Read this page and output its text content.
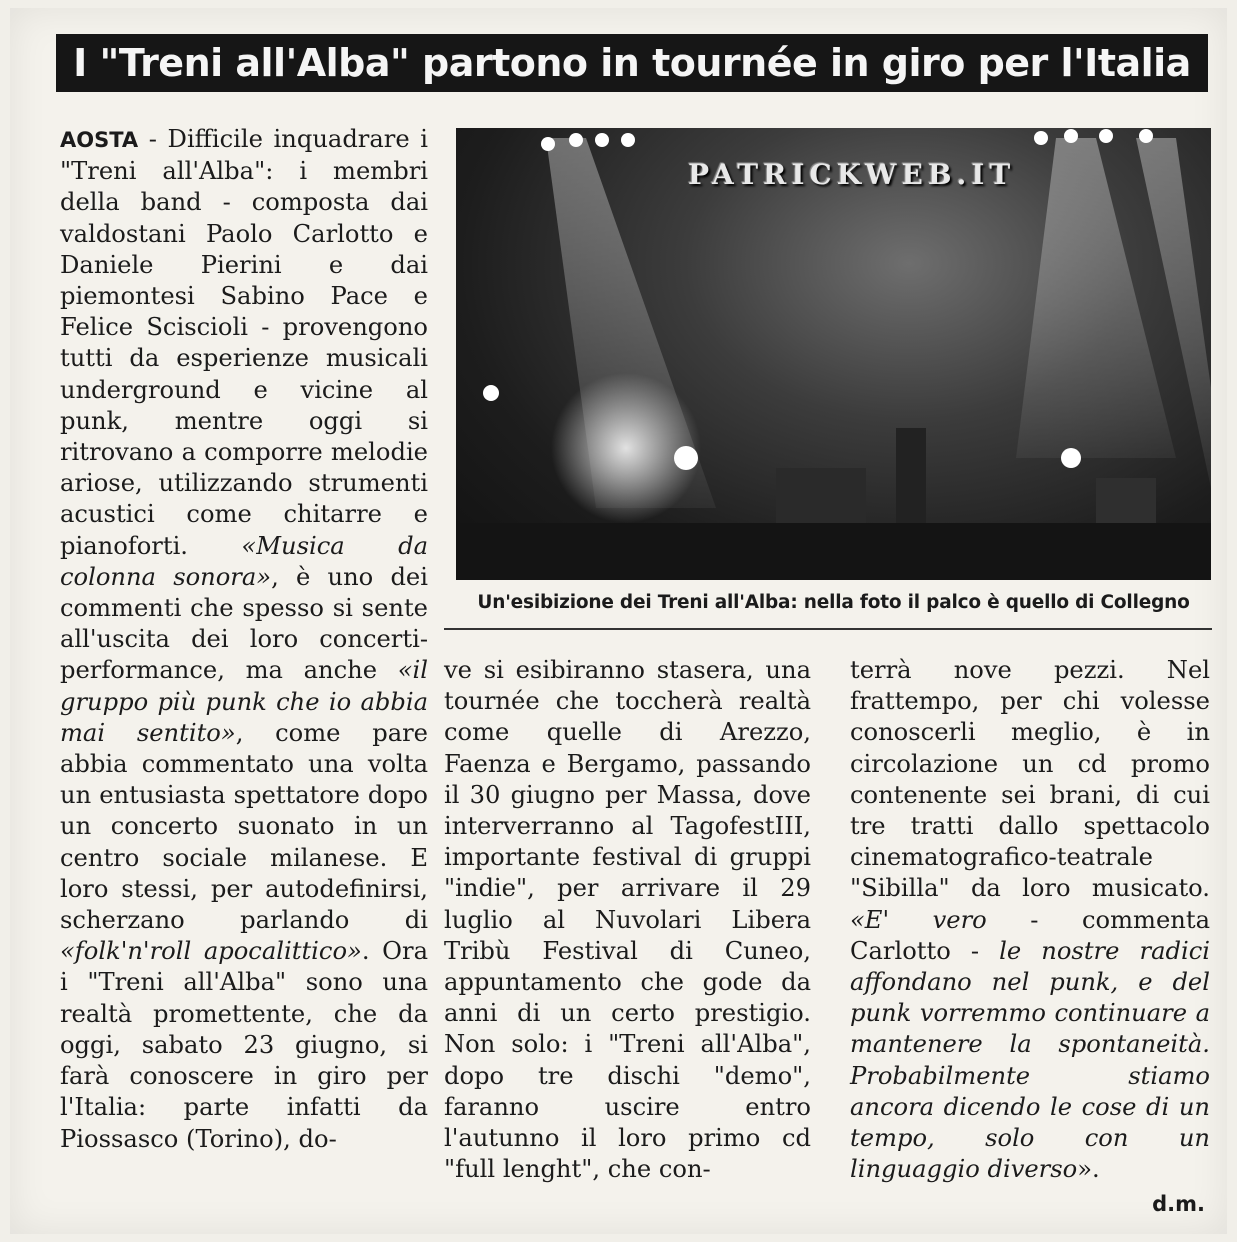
I "Treni all'Alba" partono in tournée in giro per l'Italia

AOSTA - Difficile inquadrare i "Treni all'Alba": i membri della band - composta dai valdostani Paolo Carlotto e Daniele Pierini e dai piemontesi Sabino Pace e Felice Sciscioli - provengono tutti da esperienze musicali underground e vicine al punk, mentre oggi si ritrovano a comporre melodie ariose, utilizzando strumenti acustici come chitarre e pianoforti. «Musica da colonna sonora», è uno dei commenti che spesso si sente all'uscita dei loro concerti-performance, ma anche «il gruppo più punk che io abbia mai sentito», come pare abbia commentato una volta un entusiasta spettatore dopo un concerto suonato in un centro sociale milanese. E loro stessi, per autodefinirsi, scherzano parlando di «folk'n'roll apocalittico». Ora i "Treni all'Alba" sono una realtà promettente, che da oggi, sabato 23 giugno, si farà conoscere in giro per l'Italia: parte infatti da Piossasco (Torino), do-

PATRICKWEB.IT
Un'esibizione dei Treni all'Alba: nella foto il palco è quello di Collegno

ve si esibiranno stasera, una tournée che toccherà realtà come quelle di Arezzo, Faenza e Bergamo, passando il 30 giugno per Massa, dove interverranno al TagofestIII, importante festival di gruppi "indie", per arrivare il 29 luglio al Nuvolari Libera Tribù Festival di Cuneo, appuntamento che gode da anni di un certo prestigio. Non solo: i "Treni all'Alba", dopo tre dischi "demo", faranno uscire entro l'autunno il loro primo cd "full lenght", che con-

terrà nove pezzi. Nel frattempo, per chi volesse conoscerli meglio, è in circolazione un cd promo contenente sei brani, di cui tre tratti dallo spettacolo cinematografico-teatrale "Sibilla" da loro musicato. «E' vero - commenta Carlotto - le nostre radici affondano nel punk, e del punk vorremmo continuare a mantenere la spontaneità. Probabilmente stiamo ancora dicendo le cose di un tempo, solo con un linguaggio diverso».

d.m.
